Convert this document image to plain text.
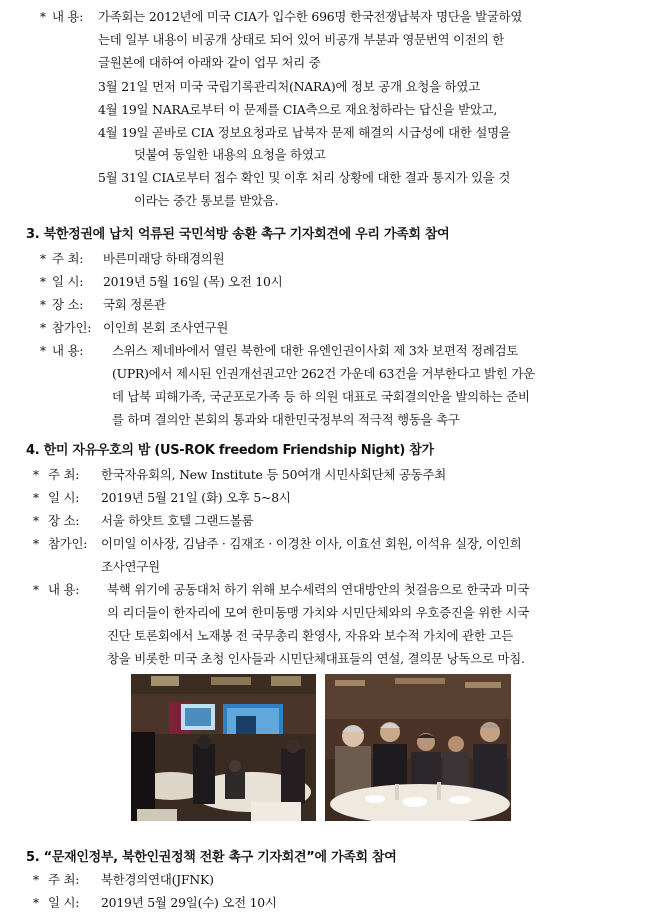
* 내 용: 가족회는 2012년에 미국 CIA가 입수한 696명 한국전쟁납북자 명단을 발굴하였
는데 일부 내용이 비공개 상태로 되어 있어 비공개 부분과 영문번역 이전의 한
글원본에 대하여 아래와 같이 업무 처리 중
3월 21일 먼저 미국 국립기록관리처(NARA)에 정보 공개 요청을 하였고
4월 19일 NARA로부터 이 문제를 CIA측으로 재요청하라는 답신을 받았고,
4월 19일 곧바로 CIA 정보요청과로 납북자 문제 해결의 시급성에 대한 설명을
덧붙여 동일한 내용의 요청을 하였고
5월 31일 CIA로부터 접수 확인 및 이후 처리 상황에 대한 결과 통지가 있을 것
이라는 중간 통보를 받았음.
3. 북한정권에 납치 억류된 국민석방 송환 촉구 기자회견에 우리 가족회 참여
* 주 최: 바른미래당 하태경의원
* 일 시: 2019년 5월 16일 (목) 오전 10시
* 장 소: 국회 정론관
* 참가인: 이인희 본회 조사연구원
* 내 용: 스위스 제네바에서 열린 북한에 대한 유엔인권이사회 제 3차 보편적 정례검토
(UPR)에서 제시된 인권개선권고안 262건 가운데 63건을 거부한다고 밝힌 가운
데 납북 피해가족, 국군포로가족 등 하 의원 대표로 국회결의안을 발의하는 준비
를 하며 결의안 본회의 통과와 대한민국정부의 적극적 행동을 촉구
4. 한미 자유우호의 밤 (US-ROK freedom Friendship Night) 참가
* 주 최: 한국자유회의, New Institute 등 50여개 시민사회단체 공동주최
* 일 시: 2019년 5월 21일 (화) 오후 5~8시
* 장 소: 서울 하얏트 호텔 그랜드볼룸
* 참가인: 이미일 이사장, 김남주 · 김재조 · 이경찬 이사, 이효선 회원, 이석유 실장, 이인희
조사연구원
* 내 용: 북핵 위기에 공동대처 하기 위해 보수세력의 연대방안의 첫걸음으로 한국과 미국
의 리더들이 한자리에 모여 한미동맹 가치와 시민단체와의 우호증진을 위한 시국
진단 토론회에서 노재봉 전 국무총리 환영사, 자유와 보수적 가치에 관한 고든
창을 비롯한 미국 초청 인사들과 시민단체대표들의 연설, 결의문 낭독으로 마침.
5. “문재인정부, 북한인권정책 전환 촉구 기자회견”에 가족회 참여
* 주 최: 북한경의연대(JFNK)
* 일 시: 2019년 5월 29일(수) 오전 10시
